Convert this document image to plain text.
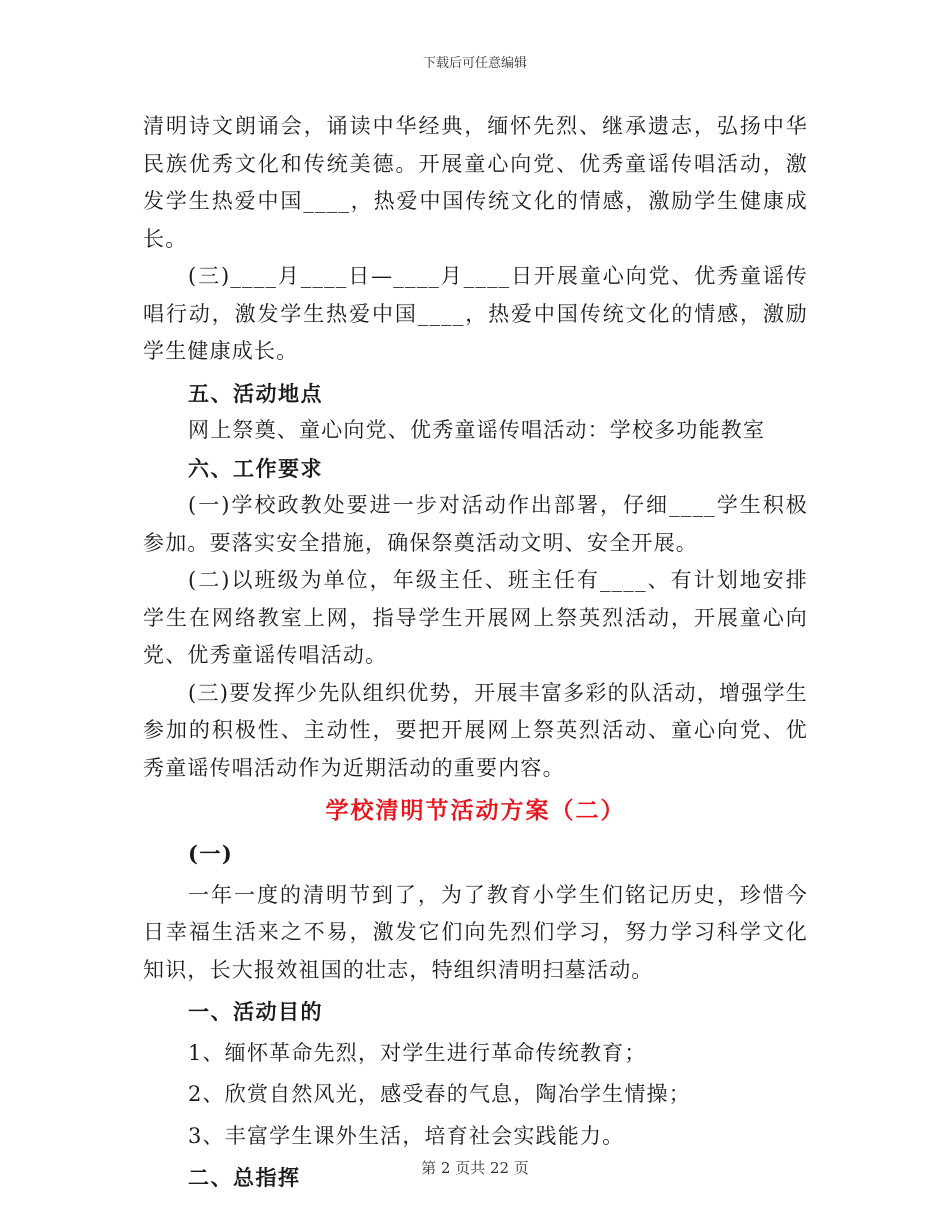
下载后可任意编辑

清明诗文朗诵会，诵读中华经典，缅怀先烈、继承遗志，弘扬中华民族优秀文化和传统美德。开展童心向党、优秀童谣传唱活动，激发学生热爱中国____，热爱中国传统文化的情感，激励学生健康成长。

(三)____月____日—____月____日开展童心向党、优秀童谣传唱行动，激发学生热爱中国____，热爱中国传统文化的情感，激励学生健康成长。

五、活动地点

网上祭奠、童心向党、优秀童谣传唱活动：学校多功能教室

六、工作要求

(一)学校政教处要进一步对活动作出部署，仔细____学生积极参加。要落实安全措施，确保祭奠活动文明、安全开展。

(二)以班级为单位，年级主任、班主任有____、有计划地安排学生在网络教室上网，指导学生开展网上祭英烈活动，开展童心向党、优秀童谣传唱活动。

(三)要发挥少先队组织优势，开展丰富多彩的队活动，增强学生参加的积极性、主动性，要把开展网上祭英烈活动、童心向党、优秀童谣传唱活动作为近期活动的重要内容。

学校清明节活动方案（二）

(一)

一年一度的清明节到了，为了教育小学生们铭记历史，珍惜今日幸福生活来之不易，激发它们向先烈们学习，努力学习科学文化知识，长大报效祖国的壮志，特组织清明扫墓活动。

一、活动目的

1、缅怀革命先烈，对学生进行革命传统教育；

2、欣赏自然风光，感受春的气息，陶冶学生情操；

3、丰富学生课外生活，培育社会实践能力。

二、总指挥	第 2 页共 22 页
